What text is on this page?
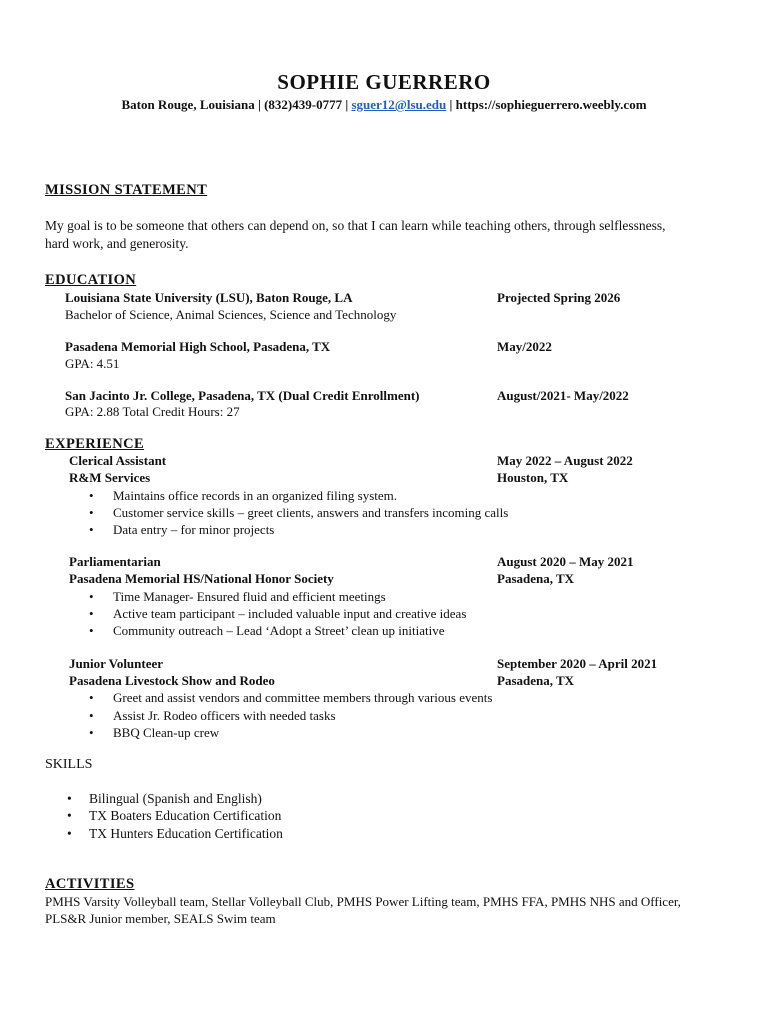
SOPHIE GUERRERO
Baton Rouge, Louisiana | (832)439-0777 | sguer12@lsu.edu | https://sophieguerrero.weebly.com
MISSION STATEMENT
My goal is to be someone that others can depend on, so that I can learn while teaching others, through selflessness, hard work, and generosity.
EDUCATION
Louisiana State University (LSU), Baton Rouge, LA	Projected Spring 2026
Bachelor of Science, Animal Sciences, Science and Technology
Pasadena Memorial High School, Pasadena, TX	May/2022
GPA: 4.51
San Jacinto Jr. College, Pasadena, TX (Dual Credit Enrollment)	August/2021- May/2022
GPA: 2.88 Total Credit Hours: 27
EXPERIENCE
Clerical Assistant	May 2022 – August 2022
R&M Services	Houston, TX
• Maintains office records in an organized filing system.
• Customer service skills – greet clients, answers and transfers incoming calls
• Data entry – for minor projects
Parliamentarian	August 2020 – May 2021
Pasadena Memorial HS/National Honor Society	Pasadena, TX
• Time Manager- Ensured fluid and efficient meetings
• Active team participant – included valuable input and creative ideas
• Community outreach – Lead ‘Adopt a Street’ clean up initiative
Junior Volunteer	September 2020 – April 2021
Pasadena Livestock Show and Rodeo	Pasadena, TX
• Greet and assist vendors and committee members through various events
• Assist Jr. Rodeo officers with needed tasks
• BBQ Clean-up crew
SKILLS
• Bilingual (Spanish and English)
• TX Boaters Education Certification
• TX Hunters Education Certification
ACTIVITIES
PMHS Varsity Volleyball team, Stellar Volleyball Club, PMHS Power Lifting team, PMHS FFA, PMHS NHS and Officer, PLS&R Junior member, SEALS Swim team
